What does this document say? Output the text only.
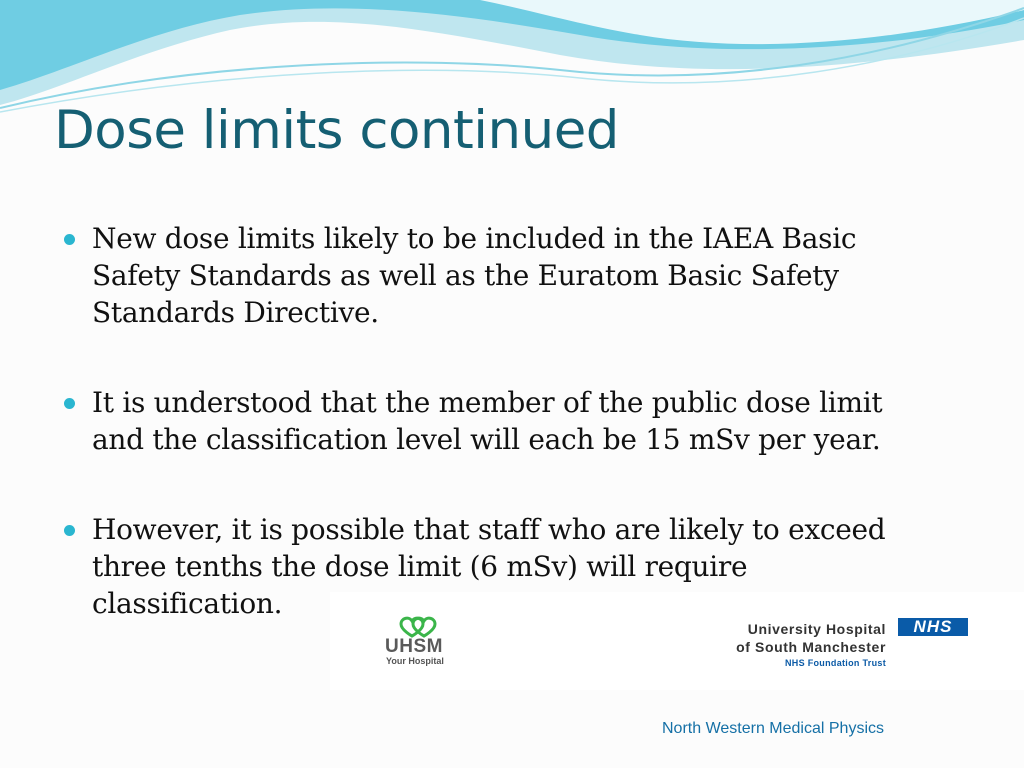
Dose limits continued
New dose limits likely to be included in the IAEA Basic Safety Standards as well as the Euratom Basic Safety Standards Directive.
It is understood that the member of the public dose limit and the classification level will each be 15 mSv per year.
However, it is possible that staff who are likely to exceed three tenths the dose limit (6 mSv) will require classification.
UHSM
Your Hospital
University Hospital
of South Manchester
NHS Foundation Trust
NHS
North Western Medical Physics
